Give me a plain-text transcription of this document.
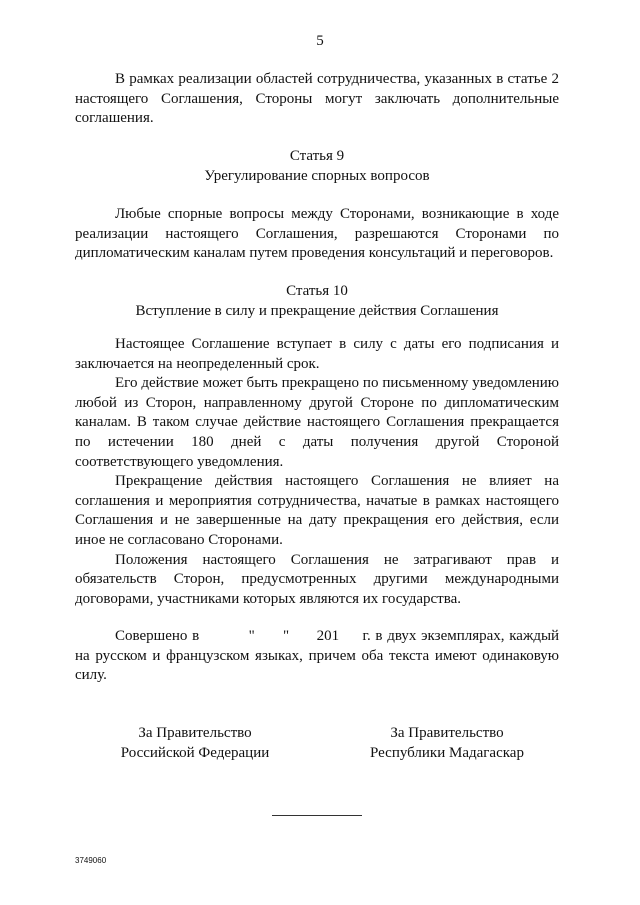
5

В рамках реализации областей сотрудничества, указанных в статье 2 настоящего Соглашения, Стороны могут заключать дополнительные соглашения.

Статья 9
Урегулирование спорных вопросов

Любые спорные вопросы между Сторонами, возникающие в ходе реализации настоящего Соглашения, разрешаются Сторонами по дипломатическим каналам путем проведения консультаций и переговоров.

Статья 10
Вступление в силу и прекращение действия Соглашения

Настоящее Соглашение вступает в силу с даты его подписания и заключается на неопределенный срок.

Его действие может быть прекращено по письменному уведомлению любой из Сторон, направленному другой Стороне по дипломатическим каналам. В таком случае действие настоящего Соглашения прекращается по истечении 180 дней с даты получения другой Стороной соответствующего уведомления.

Прекращение действия настоящего Соглашения не влияет на соглашения и мероприятия сотрудничества, начатые в рамках настоящего Соглашения и не завершенные на дату прекращения его действия, если иное не согласовано Сторонами.

Положения настоящего Соглашения не затрагивают прав и обязательств Сторон, предусмотренных другими международными договорами, участниками которых являются их государства.

Совершено в	"      " 201 г. в двух экземплярах, каждый на русском и французском языках, причем оба текста имеют одинаковую силу.

За Правительство
Российской Федерации
За Правительство
Республики Мадагаскар
3749060
